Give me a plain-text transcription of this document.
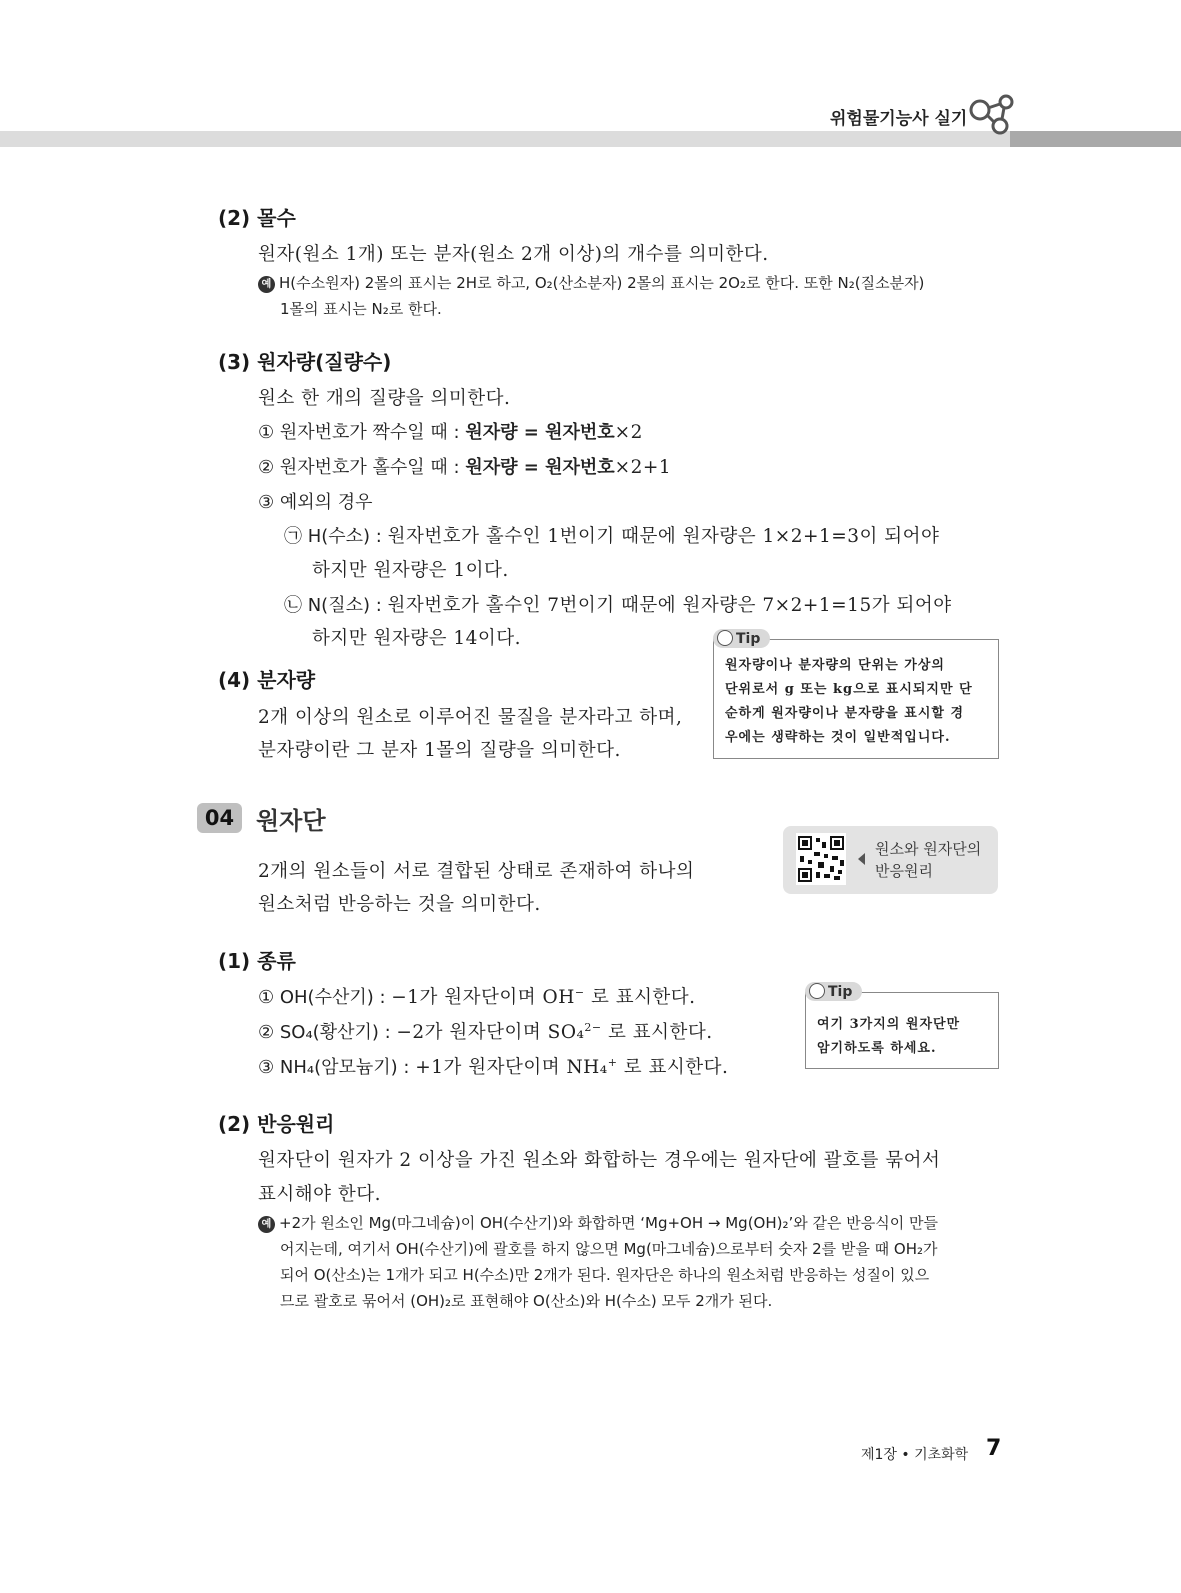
위험물기능사 실기
(2) 몰수
원자(원소 1개) 또는 분자(원소 2개 이상)의 개수를 의미한다.
예 H(수소원자) 2몰의 표시는 2H로 하고, O₂(산소분자) 2몰의 표시는 2O₂로 한다. 또한 N₂(질소분자)
1몰의 표시는 N₂로 한다.
(3) 원자량(질량수)
원소 한 개의 질량을 의미한다.
① 원자번호가 짝수일 때 : 원자량 = 원자번호×2
② 원자번호가 홀수일 때 : 원자량 = 원자번호×2+1
③ 예외의 경우
㉠ H(수소) : 원자번호가 홀수인 1번이기 때문에 원자량은 1×2+1=3이 되어야
하지만 원자량은 1이다.
㉡ N(질소) : 원자번호가 홀수인 7번이기 때문에 원자량은 7×2+1=15가 되어야
하지만 원자량은 14이다.
원자량이나 분자량의 단위는 가상의
단위로서 g 또는 kg으로 표시되지만 단
순하게 원자량이나 분자량을 표시할 경
우에는 생략하는 것이 일반적입니다.
Tip
(4) 분자량
2개 이상의 원소로 이루어진 물질을 분자라고 하며,
분자량이란 그 분자 1몰의 질량을 의미한다.
04 원자단
2개의 원소들이 서로 결합된 상태로 존재하여 하나의
원소처럼 반응하는 것을 의미한다.
원소와 원자단의
반응원리
(1) 종류
① OH(수산기) : −1가 원자단이며 OH− 로 표시한다.
② SO₄(황산기) : −2가 원자단이며 SO₄$^{2-}$ 로 표시한다.
③ NH₄(암모늄기) : +1가 원자단이며 NH₄+ 로 표시한다.
여기 3가지의 원자단만
암기하도록 하세요.
Tip
(2) 반응원리
원자단이 원자가 2 이상을 가진 원소와 화합하는 경우에는 원자단에 괄호를 묶어서
표시해야 한다.
예 +2가 원소인 Mg(마그네슘)이 OH(수산기)와 화합하면 ‘Mg+OH → Mg(OH)₂’와 같은 반응식이 만들
어지는데, 여기서 OH(수산기)에 괄호를 하지 않으면 Mg(마그네슘)으로부터 숫자 2를 받을 때 OH₂가
되어 O(산소)는 1개가 되고 H(수소)만 2개가 된다. 원자단은 하나의 원소처럼 반응하는 성질이 있으
므로 괄호로 묶어서 (OH)₂로 표현해야 O(산소)와 H(수소) 모두 2개가 된다.
제1장 • 기초화학 7
